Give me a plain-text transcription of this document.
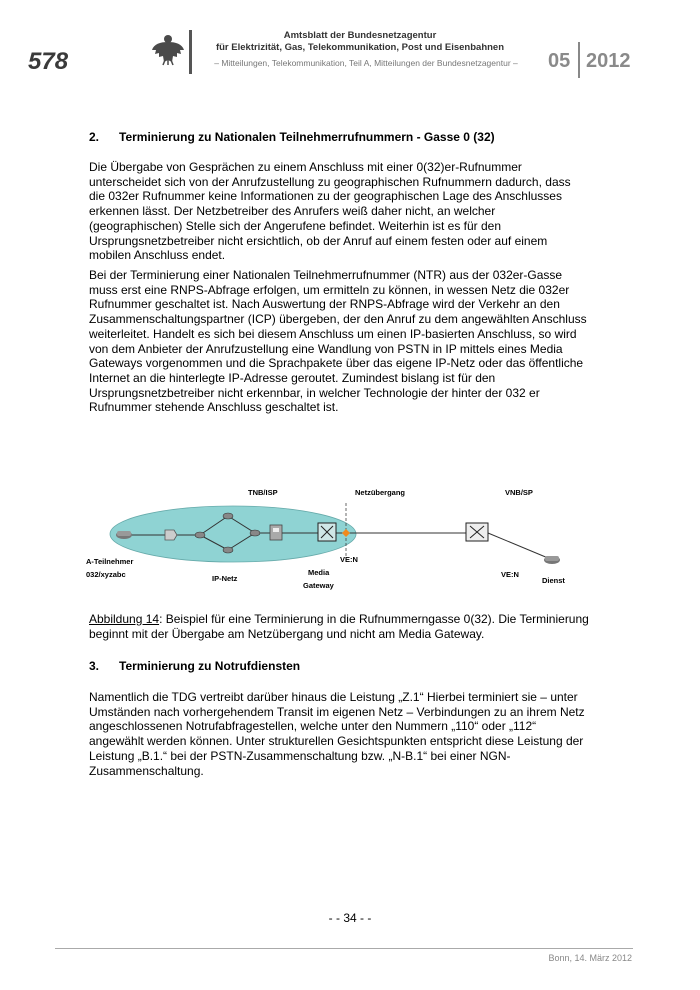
578
Amtsblatt der Bundesnetzagentur
für Elektrizität, Gas, Telekommunikation, Post und Eisenbahnen
– Mitteilungen, Telekommunikation, Teil A, Mitteilungen der Bundesnetzagentur –	05 2012
2. Terminierung zu Nationalen Teilnehmerrufnummern - Gasse 0 (32)
Die Übergabe von Gesprächen zu einem Anschluss mit einer 0(32)er-Rufnummer unterscheidet sich von der Anrufzustellung zu geographischen Rufnummern dadurch, dass die 032er Rufnummer keine Informationen zu der geographischen Lage des Anschlusses erkennen lässt. Der Netzbetreiber des Anrufers weiß daher nicht, an welcher (geographischen) Stelle sich der Angerufene befindet. Weiterhin ist es für den Ursprungsnetzbetreiber nicht ersichtlich, ob der Anruf auf einem festen oder auf einem mobilen Anschluss endet.
Bei der Terminierung einer Nationalen Teilnehmerrufnummer (NTR) aus der 032er-Gasse muss erst eine RNPS-Abfrage erfolgen, um ermitteln zu können, in wessen Netz die 032er Rufnummer geschaltet ist. Nach Auswertung der RNPS-Abfrage wird der Verkehr an den Zusammenschaltungspartner (ICP) übergeben, der den Anruf zu dem angewählten Anschluss weiterleitet. Handelt es sich bei diesem Anschluss um einen IP-basierten Anschluss, so wird von dem Anbieter der Anrufzustellung eine Wandlung von PSTN in IP mittels eines Media Gateways vorgenommen und die Sprachpakete über das eigene IP-Netz oder das öffentliche Internet an die hinterlegte IP-Adresse geroutet. Zumindest bislang ist für den Ursprungsnetzbetreiber nicht erkennbar, in welcher Technologie der hinter der 032 er Rufnummer stehende Anschluss geschaltet ist.
TNB/ISP	Netzübergang	VNB/SP
A-Teilnehmer
032/xyzabc	IP-Netz
Media
Gateway
VE:N
VE:N
Dienst
Abbildung 14: Beispiel für eine Terminierung in die Rufnummerngasse 0(32). Die Terminierung beginnt mit der Übergabe am Netzübergang und nicht am Media Gateway.
3. Terminierung zu Notrufdiensten
Namentlich die TDG vertreibt darüber hinaus die Leistung „Z.1“ Hierbei terminiert sie – unter Umständen nach vorhergehendem Transit im eigenen Netz – Verbindungen zu an ihrem Netz angeschlossenen Notrufabfragestellen, welche unter den Nummern „110“ oder „112“ angewählt werden können. Unter strukturellen Gesichtspunkten entspricht diese Leistung der Leistung „B.1.“ bei der PSTN-Zusammenschaltung bzw. „N-B.1“ bei einer NGN-Zusammenschaltung.
- - 34 - -
Bonn, 14. März 2012
